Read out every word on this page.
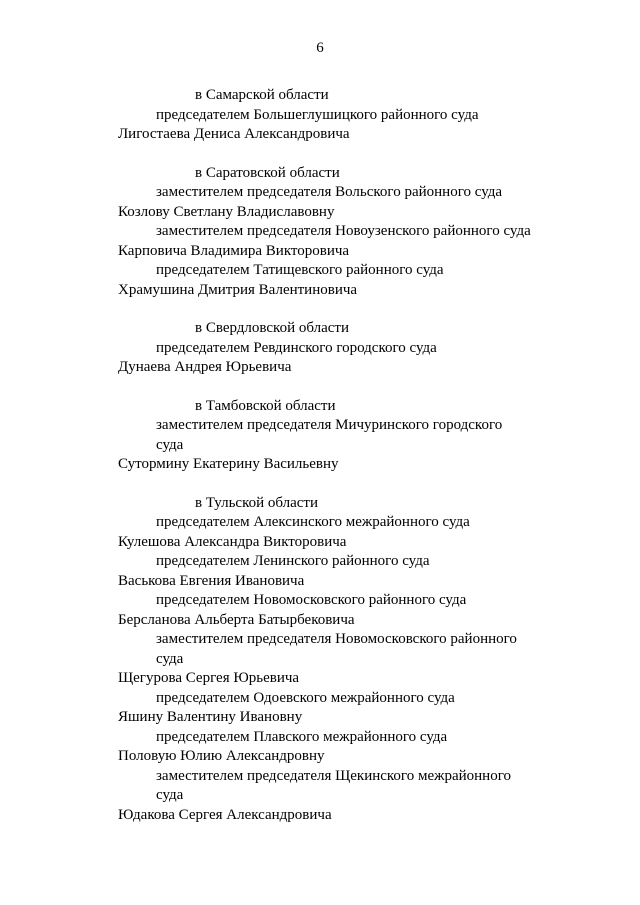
6
в Самарской области
председателем Большеглушицкого районного суда
Лигостаева Дениса Александровича
в Саратовской области
заместителем председателя Вольского районного суда
Козлову Светлану Владиславовну
заместителем председателя Новоузенского районного суда
Карповича Владимира Викторовича
председателем Татищевского районного суда
Храмушина Дмитрия Валентиновича
в Свердловской области
председателем Ревдинского городского суда
Дунаева Андрея Юрьевича
в Тамбовской области
заместителем председателя Мичуринского городского
суда
Сутормину Екатерину Васильевну
в Тульской области
председателем Алексинского межрайонного суда
Кулешова Александра Викторовича
председателем Ленинского районного суда
Васькова Евгения Ивановича
председателем Новомосковского районного суда
Берсланова Альберта Батырбековича
заместителем председателя Новомосковского районного
суда
Щегурова Сергея Юрьевича
председателем Одоевского межрайонного суда
Яшину Валентину Ивановну
председателем Плавского межрайонного суда
Половую Юлию Александровну
заместителем председателя Щекинского межрайонного
суда
Юдакова Сергея Александровича
